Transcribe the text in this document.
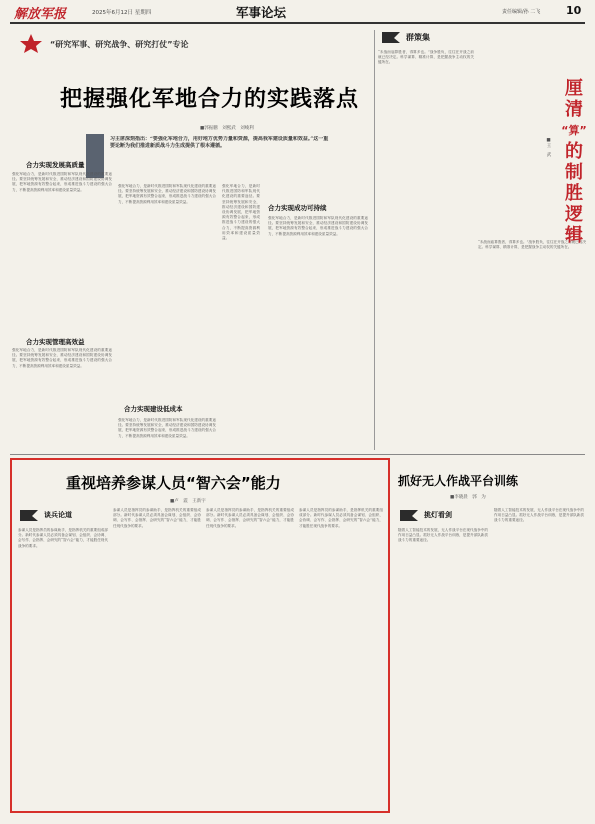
解放军报	2025年6月12日 星期四	军事论坛	责任编辑/孙 二飞 10
“研究军事、研究战争、研究打仗”专论
把握强化军地合力的实践落点
■郭振鹏　刘熙武　刘峻利
习主席深刻指出：“要强化军地合力，用好地方优势力量和资源，提高我军建设质量和效益。”这一重要论断为我们推进新质战斗力生成提供了根本遵循。
合力实现发展高质量
合力实现管理高效益
合力实现成功可持续
合力实现建设低成本
强化军地合力，是新时代推进国防和军队现代化建设的重要途径。要坚持统筹发展和安全，推动经济建设和国防建设协调发展，把军地资源有效整合起来，形成推进战斗力建设的强大合力，不断提高资源利用效率和建设质量效益。
强化军地合力，是新时代推进国防和军队现代化建设的重要途径。要坚持统筹发展和安全，推动经济建设和国防建设协调发展，把军地资源有效整合起来，形成推进战斗力建设的强大合力，不断提高资源利用效率和建设质量效益。
强化军地合力，是新时代推进国防和军队现代化建设的重要途径。要坚持统筹发展和安全，推动经济建设和国防建设协调发展，把军地资源有效整合起来，形成推进战斗力建设的强大合力，不断提高资源利用效率和建设质量效益。
强化军地合力，是新时代推进国防和军队现代化建设的重要途径。要坚持统筹发展和安全，推动经济建设和国防建设协调发展，把军地资源有效整合起来，形成推进战斗力建设的强大合力，不断提高资源利用效率和建设质量效益。
强化军地合力，是新时代推进国防和军队现代化建设的重要途径。要坚持统筹发展和安全，推动经济建设和国防建设协调发展，把军地资源有效整合起来，形成推进战斗力建设的强大合力，不断提高资源利用效率和建设质量效益。
强化军地合力，是新时代推进国防和军队现代化建设的重要途径。要坚持统筹发展和安全，推动经济建设和国防建设协调发展，把军地资源有效整合起来，形成推进战斗力建设的强大合力，不断提高资源利用效率和建设质量效益。
群策集
“未战而庙算胜者，得算多也。”战争胜负，往往在开战之前就已经决定。科学谋算、精准计算，是把握战争主动权的关键所在。
“未战而庙算胜者，得算多也。”战争胜负，往往在开战之前就已经决定。科学谋算、精准计算，是把握战争主动权的关键所在。
■王　武
厘
清
“算”
的
制
胜
逻
辑
重视培养参谋人员“智六会”能力
■卢　震　王新宇
谈兵论道
参谋人员是指挥员的参谋助手，是指挥机关的重要组成部分。新时代参谋人员必须具备会谋划、会组织、会协调、会写作、会指挥、会研究的“智六会”能力，才能胜任现代战争的要求。
参谋人员是指挥员的参谋助手，是指挥机关的重要组成部分。新时代参谋人员必须具备会谋划、会组织、会协调、会写作、会指挥、会研究的“智六会”能力，才能胜任现代战争的要求。
参谋人员是指挥员的参谋助手，是指挥机关的重要组成部分。新时代参谋人员必须具备会谋划、会组织、会协调、会写作、会指挥、会研究的“智六会”能力，才能胜任现代战争的要求。
参谋人员是指挥员的参谋助手，是指挥机关的重要组成部分。新时代参谋人员必须具备会谋划、会组织、会协调、会写作、会指挥、会研究的“智六会”能力，才能胜任现代战争的要求。
抓好无人作战平台训练
■李晓晨　郭　为
挑灯看剑
随着人工智能技术的发展，无人作战平台在现代战争中的作用日益凸显。抓好无人作战平台训练，是提升部队新质战斗力的重要途径。
随着人工智能技术的发展，无人作战平台在现代战争中的作用日益凸显。抓好无人作战平台训练，是提升部队新质战斗力的重要途径。
